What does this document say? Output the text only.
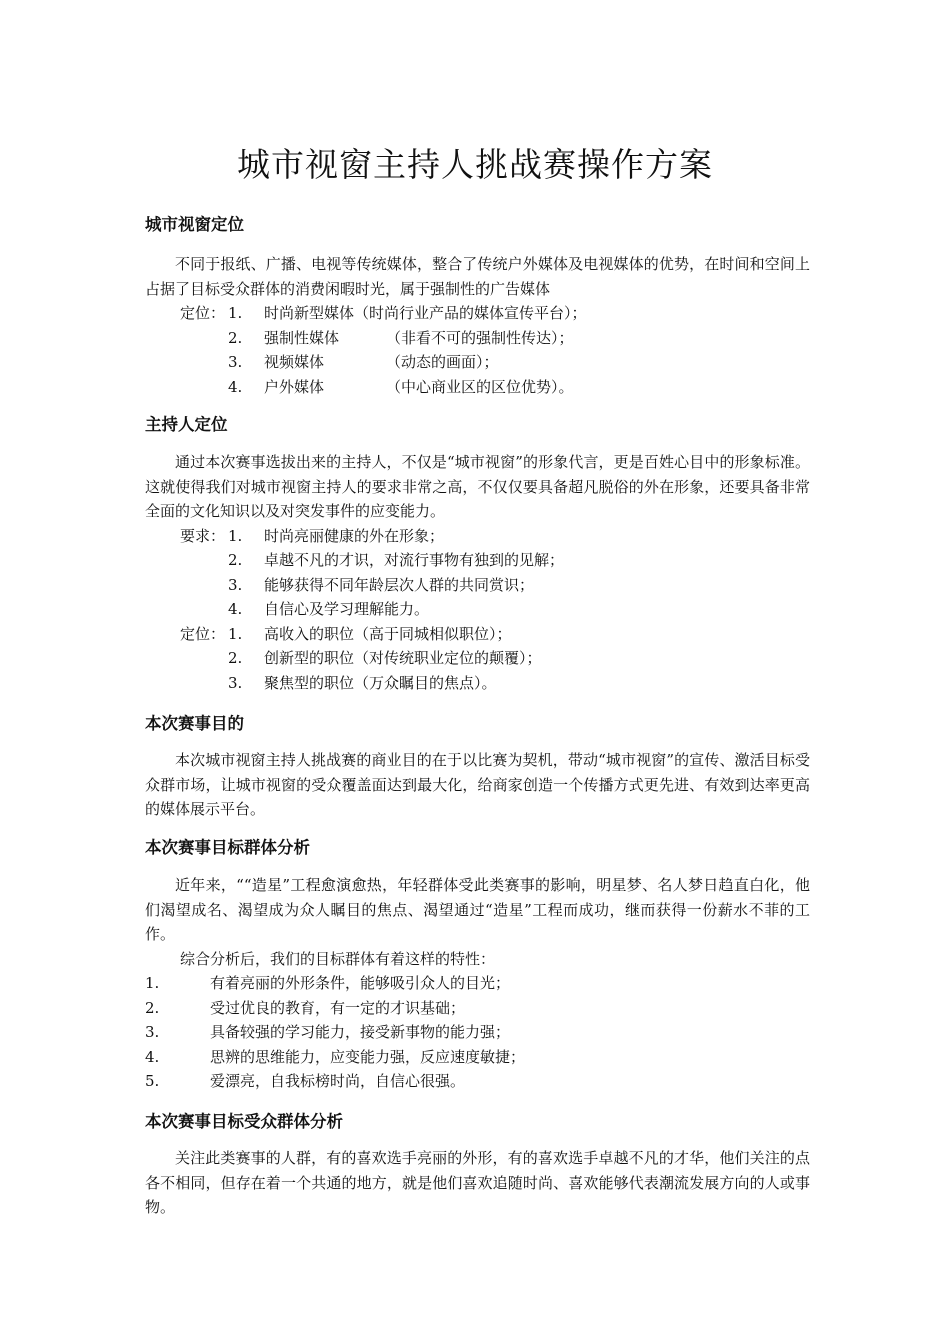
城市视窗主持人挑战赛操作方案
城市视窗定位

不同于报纸、广播、电视等传统媒体，整合了传统户外媒体及电视媒体的优势，在时间和空间上占据了目标受众群体的消费闲暇时光，属于强制性的广告媒体

定位： 1.	时尚新型媒体（时尚行业产品的媒体宣传平台）；
2.	强制性媒体	（非看不可的强制性传达）；
3.	视频媒体	（动态的画面）；
4.	户外媒体	（中心商业区的区位优势）。
主持人定位

通过本次赛事选拔出来的主持人，不仅是“城市视窗”的形象代言，更是百姓心目中的形象标准。这就使得我们对城市视窗主持人的要求非常之高，不仅仅要具备超凡脱俗的外在形象，还要具备非常全面的文化知识以及对突发事件的应变能力。

要求： 1.	时尚亮丽健康的外在形象；
2.	卓越不凡的才识，对流行事物有独到的见解；
3.	能够获得不同年龄层次人群的共同赏识；
4.	自信心及学习理解能力。
定位： 1.	高收入的职位（高于同城相似职位）；
2.	创新型的职位（对传统职业定位的颠覆）；
3.	聚焦型的职位（万众瞩目的焦点）。
本次赛事目的

本次城市视窗主持人挑战赛的商业目的在于以比赛为契机，带动“城市视窗”的宣传、激活目标受众群市场，让城市视窗的受众覆盖面达到最大化，给商家创造一个传播方式更先进、有效到达率更高的媒体展示平台。

本次赛事目标群体分析

近年来，““造星”工程愈演愈热，年轻群体受此类赛事的影响，明星梦、名人梦日趋直白化，他们渴望成名、渴望成为众人瞩目的焦点、渴望通过“造星”工程而成功，继而获得一份薪水不菲的工作。

综合分析后，我们的目标群体有着这样的特性：
1.	有着亮丽的外形条件，能够吸引众人的目光；
2.	受过优良的教育，有一定的才识基础；
3.	具备较强的学习能力，接受新事物的能力强；
4.	思辨的思维能力，应变能力强，反应速度敏捷；
5.	爱漂亮，自我标榜时尚，自信心很强。
本次赛事目标受众群体分析

关注此类赛事的人群，有的喜欢选手亮丽的外形，有的喜欢选手卓越不凡的才华，他们关注的点各不相同，但存在着一个共通的地方，就是他们喜欢追随时尚、喜欢能够代表潮流发展方向的人或事物。
